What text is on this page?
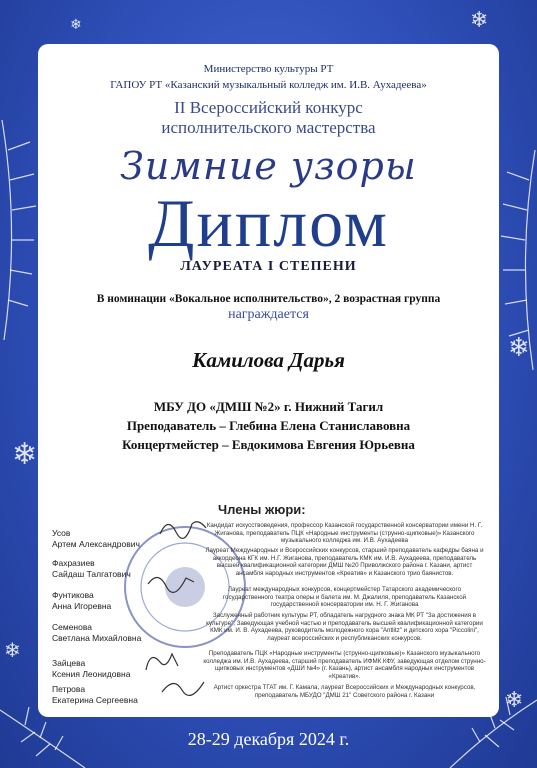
❄
❄
❄
❄
❄
❄
Министерство культуры РТ
ГАПОУ РТ «Казанский музыкальный колледж им. И.В. Аухадеева»
II Всероссийский конкурс
исполнительского мастерства
Зимние узоры
Диплом
ЛАУРЕАТА I СТЕПЕНИ
В номинации «Вокальное исполнительство», 2 возрастная группа
награждается
Камилова Дарья
МБУ ДО «ДМШ №2» г. Нижний Тагил
Преподаватель – Глебина Елена Станиславовна
Концертмейстер – Евдокимова Евгения Юрьевна
Члены жюри:
Усов
Артем Александрович
Фахразиев
Сайдаш Талгатович
Фунтикова
Анна Игоревна
Семенова
Светлана Михайловна
Зайцева
Ксения Леонидовна
Петрова
Екатерина Сергеевна
Кандидат искусствоведения, профессор Казанской государственной консерватории имени Н. Г. Жиганова, преподаватель ПЦК «Народные инструменты (струнно-щипковые)» Казанского музыкального колледжа им. И.В. Аухадеева
Лауреат Международных и Всероссийских конкурсов, старший преподаватель кафедры баяна и аккордеона КГК им. Н.Г. Жиганова, преподаватель КМК им. И.В. Аухадеева, преподаватель высшей квалификационной категории ДМШ №20 Приволжского района г. Казани, артист ансамбля народных инструментов «Креатив» и Казанского трио баянистов.
Лауреат международных конкурсов, концертмейстер Татарского академического государственного театра оперы и балета им. М. Джалиля, преподаватель Казанской государственной консерватории им. Н. Г. Жиганова
Заслуженный работник культуры РТ, обладатель нагрудного знака МК РТ "За достижения в культуре", Заведующая учебной частью и преподаватель высшей квалификационной категории КМК им. И. В. Аухадеева, руководитель молодежного хора "Antlitz" и детского хора "Piccolini", лауреат всероссийских и республиканских конкурсов.
Преподаватель ПЦК «Народные инструменты (струнно-щипковые)» Казанского музыкального колледжа им. И.В. Аухадеева, старший преподаватель ИФМК КФУ, заведующая отделом струнно-щипковых инструментов «ДШИ №4» (г. Казань), артист ансамбля народных инструментов «Креатив».
Артист оркестра ТГАТ им. Г. Камала, лауреат Всероссийских и Международных конкурсов, преподаватель МБУДО "ДМШ 21" Советского района г. Казани
28-29 декабря 2024 г.
